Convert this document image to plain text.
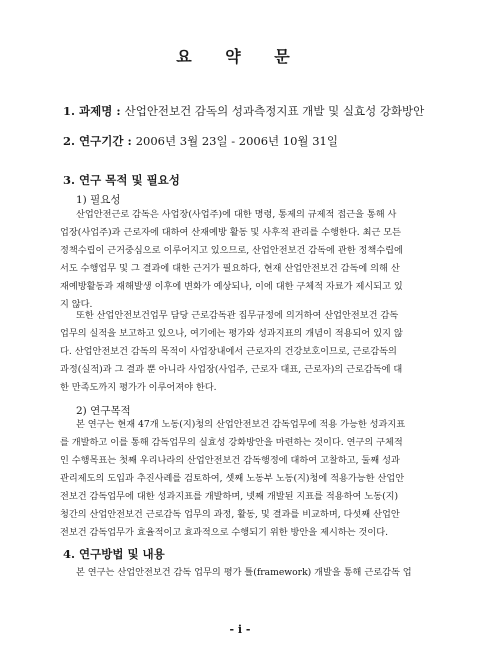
요 약 문
1. 과제명 : 산업안전보건 감독의 성과측정지표 개발 및 실효성 강화방안
2. 연구기간 : 2006년 3월 23일 - 2006년 10월 31일
3. 연구 목적 및 필요성
1) 필요성
산업안전근로 감독은 사업장(사업주)에 대한 명령, 통제의 규제적 접근을 통해 사
업장(사업주)과 근로자에 대하여 산재예방 활동 및 사후적 관리를 수행한다. 최근 모든
정책수립이 근거중심으로 이루어지고 있으므로, 산업안전보건 감독에 관한 정책수립에
서도 수행업무 및 그 결과에 대한 근거가 필요하다, 현재 산업안전보건 감독에 의해 산
재예방활동과 재해발생 이후에 변화가 예상되나, 이에 대한 구체적 자료가 제시되고 있
지 않다.
또한 산업안전보건업무 담당 근로감독관 집무규정에 의거하여 산업안전보건 감독
업무의 실적을 보고하고 있으나, 여기에는 평가와 성과지표의 개념이 적용되어 있지 않
다. 산업안전보건 감독의 목적이 사업장내에서 근로자의 건강보호이므로, 근로감독의
과정(실적)과 그 결과 뿐 아니라 사업장(사업주, 근로자 대표, 근로자)의 근로감독에 대
한 만족도까지 평가가 이루어져야 한다.
2) 연구목적
본 연구는 현재 47개 노동(지)청의 산업안전보건 감독업무에 적용 가능한 성과지표
를 개발하고 이를 통해 감독업무의 실효성 강화방안을 마련하는 것이다. 연구의 구체적
인 수행목표는 첫째 우리나라의 산업안전보건 감독행정에 대하여 고찰하고, 둘째 성과
관리제도의 도입과 추진사례를 검토하여, 셋째 노동부 노동(지)청에 적용가능한 산업안
전보건 감독업무에 대한 성과지표를 개발하며, 넷째 개발된 지표를 적용하여 노동(지)
청간의 산업안전보건 근로감독 업무의 과정, 활동, 및 결과를 비교하며, 다섯째 산업안
전보건 감독업무가 효율적이고 효과적으로 수행되기 위한 방안을 제시하는 것이다.
4. 연구방법 및 내용
본 연구는 산업안전보건 감독 업무의 평가 틀(framework) 개발을 통해 근로감독 업
- i -
